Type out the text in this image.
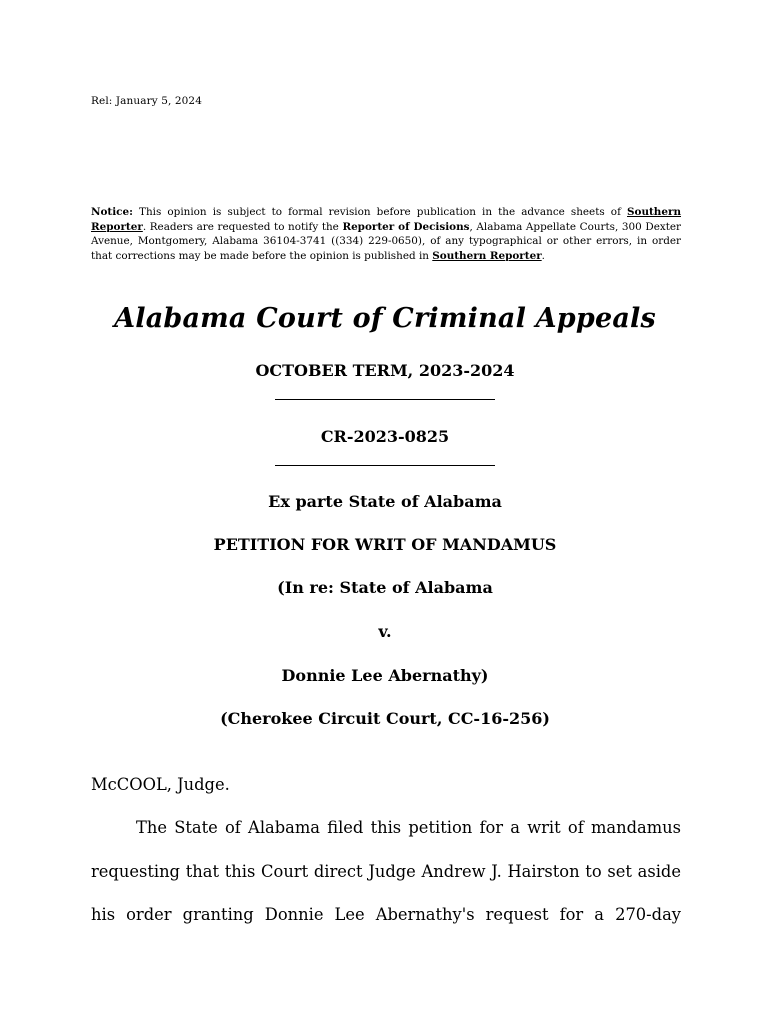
Rel: January 5, 2024
Notice: This opinion is subject to formal revision before publication in the advance sheets of Southern Reporter. Readers are requested to notify the Reporter of Decisions, Alabama Appellate Courts, 300 Dexter Avenue, Montgomery, Alabama 36104-3741 ((334) 229-0650), of any typographical or other errors, in order that corrections may be made before the opinion is published in Southern Reporter.
Alabama Court of Criminal Appeals
OCTOBER TERM, 2023-2024
CR-2023-0825
Ex parte State of Alabama
PETITION FOR WRIT OF MANDAMUS
(In re: State of Alabama
v.
Donnie Lee Abernathy)
(Cherokee Circuit Court, CC-16-256)
McCOOL, Judge.
The State of Alabama filed this petition for a writ of mandamus
requesting that this Court direct Judge Andrew J. Hairston to set aside
his order granting Donnie Lee Abernathy's request for a 270-day
